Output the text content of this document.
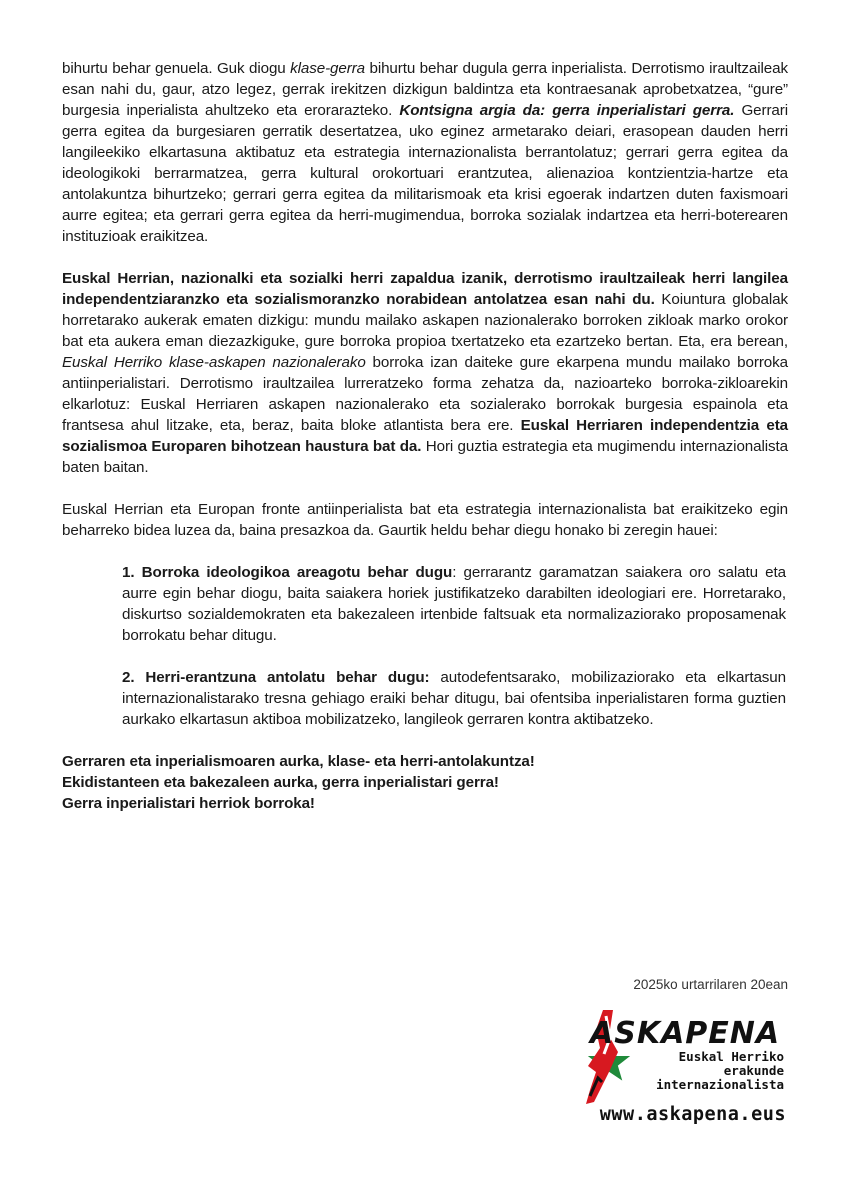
bihurtu behar genuela. Guk diogu klase-gerra bihurtu behar dugula gerra inperialista. Derrotismo iraultzaileak esan nahi du, gaur, atzo legez, gerrak irekitzen dizkigun baldintza eta kontraesanak aprobetxatzea, “gure” burgesia inperialista ahultzeko eta erorarazteko. Kontsigna argia da: gerra inperialistari gerra. Gerrari gerra egitea da burgesiaren gerratik desertatzea, uko eginez armetarako deiari, erasopean dauden herri langileekiko elkartasuna aktibatuz eta estrategia internazionalista berrantolatuz; gerrari gerra egitea da ideologikoki berrarmatzea, gerra kultural orokortuari erantzutea, alienazioa kontzientzia-hartze eta antolakuntza bihurtzeko; gerrari gerra egitea da militarismoak eta krisi egoerak indartzen duten faxismoari aurre egitea; eta gerrari gerra egitea da herri-mugimendua, borroka sozialak indartzea eta herri-boterearen instituzioak eraikitzea.

Euskal Herrian, nazionalki eta sozialki herri zapaldua izanik, derrotismo iraultzaileak herri langilea independentziaranzko eta sozialismoranzko norabidean antolatzea esan nahi du. Koiuntura globalak horretarako aukerak ematen dizkigu: mundu mailako askapen nazionalerako borroken zikloak marko orokor bat eta aukera eman diezazkiguke, gure borroka propioa txertatzeko eta ezartzeko bertan. Eta, era berean, Euskal Herriko klase-askapen nazionalerako borroka izan daiteke gure ekarpena mundu mailako borroka antiinperialistari. Derrotismo iraultzailea lurreratzeko forma zehatza da, nazioarteko borroka-zikloarekin elkarlotuz: Euskal Herriaren askapen nazionalerako eta sozialerako borrokak burgesia espainola eta frantsesa ahul litzake, eta, beraz, baita bloke atlantista bera ere. Euskal Herriaren independentzia eta sozialismoa Europaren bihotzean haustura bat da. Hori guztia estrategia eta mugimendu internazionalista baten baitan.

Euskal Herrian eta Europan fronte antiinperialista bat eta estrategia internazionalista bat eraikitzeko egin beharreko bidea luzea da, baina presazkoa da. Gaurtik heldu behar diegu honako bi zeregin hauei:

1. Borroka ideologikoa areagotu behar dugu: gerrarantz garamatzan saiakera oro salatu eta aurre egin behar diogu, baita saiakera horiek justifikatzeko darabilten ideologiari ere. Horretarako, diskurtso sozialdemokraten eta bakezaleen irtenbide faltsuak eta normalizaziorako proposamenak borrokatu behar ditugu.

2. Herri-erantzuna antolatu behar dugu: autodefentsarako, mobilizaziorako eta elkartasun internazionalistarako tresna gehiago eraiki behar ditugu, bai ofentsiba inperialistaren forma guztien aurkako elkartasun aktiboa mobilizatzeko, langileok gerraren kontra aktibatzeko.

Gerraren eta inperialismoaren aurka, klase- eta herri-antolakuntza!

Ekidistanteen eta bakezaleen aurka, gerra inperialistari gerra!

Gerra inperialistari herriok borroka!

2025ko urtarrilaren 20ean
ASKAPENA
Euskal Herriko
erakunde
internazionalista
www.askapena.eus
